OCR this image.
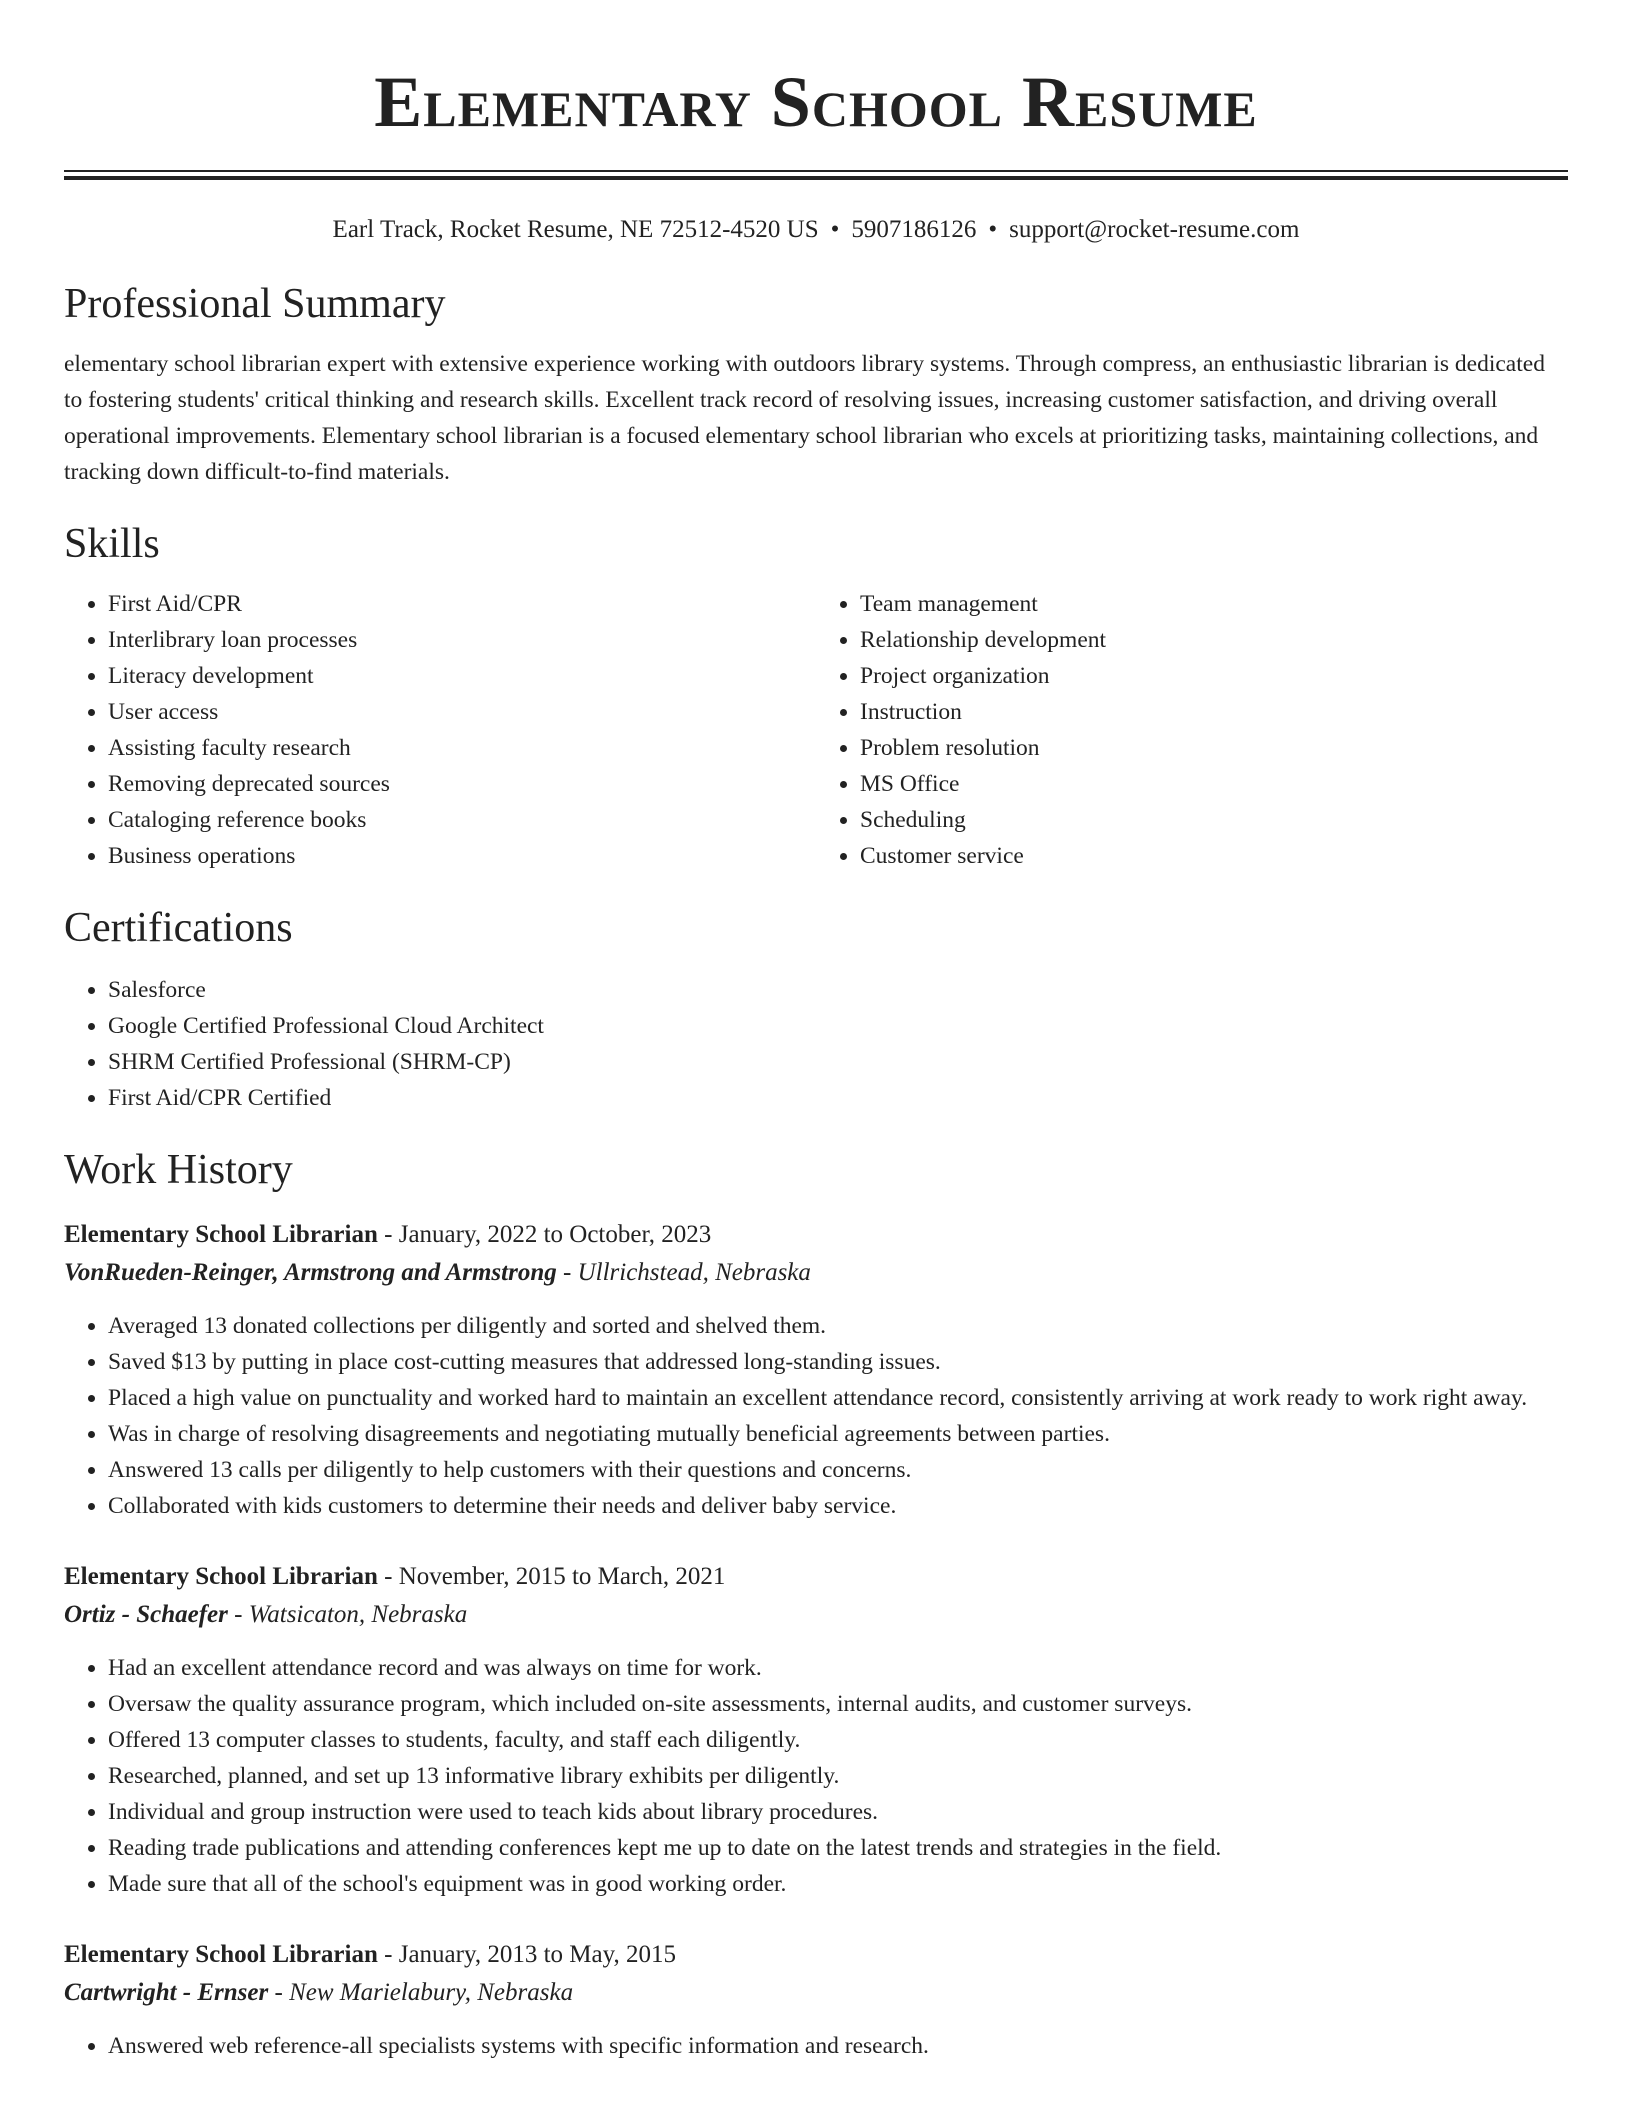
Elementary School Resume
Earl Track, Rocket Resume, NE 72512-4520 US • 5907186126 • support@rocket-resume.com
Professional Summary

elementary school librarian expert with extensive experience working with outdoors library systems. Through compress, an enthusiastic librarian is dedicated to fostering students' critical thinking and research skills. Excellent track record of resolving issues, increasing customer satisfaction, and driving overall operational improvements. Elementary school librarian is a focused elementary school librarian who excels at prioritizing tasks, maintaining collections, and tracking down difficult-to-find materials.

Skills
• First Aid/CPR
• Interlibrary loan processes
• Literacy development
• User access
• Assisting faculty research
• Removing deprecated sources
• Cataloging reference books
• Business operations
• Team management
• Relationship development
• Project organization
• Instruction
• Problem resolution
• MS Office
• Scheduling
• Customer service
Certifications
• Salesforce
• Google Certified Professional Cloud Architect
• SHRM Certified Professional (SHRM-CP)
• First Aid/CPR Certified
Work History
Elementary School Librarian - January, 2022 to October, 2023
VonRueden-Reinger, Armstrong and Armstrong - Ullrichstead, Nebraska
• Averaged 13 donated collections per diligently and sorted and shelved them.
• Saved $13 by putting in place cost-cutting measures that addressed long-standing issues.
• Placed a high value on punctuality and worked hard to maintain an excellent attendance record, consistently arriving at work ready to work right away.
• Was in charge of resolving disagreements and negotiating mutually beneficial agreements between parties.
• Answered 13 calls per diligently to help customers with their questions and concerns.
• Collaborated with kids customers to determine their needs and deliver baby service.
Elementary School Librarian - November, 2015 to March, 2021
Ortiz - Schaefer - Watsicaton, Nebraska
• Had an excellent attendance record and was always on time for work.
• Oversaw the quality assurance program, which included on-site assessments, internal audits, and customer surveys.
• Offered 13 computer classes to students, faculty, and staff each diligently.
• Researched, planned, and set up 13 informative library exhibits per diligently.
• Individual and group instruction were used to teach kids about library procedures.
• Reading trade publications and attending conferences kept me up to date on the latest trends and strategies in the field.
• Made sure that all of the school's equipment was in good working order.
Elementary School Librarian - January, 2013 to May, 2015
Cartwright - Ernser - New Marielabury, Nebraska
• Answered web reference-all specialists systems with specific information and research.
